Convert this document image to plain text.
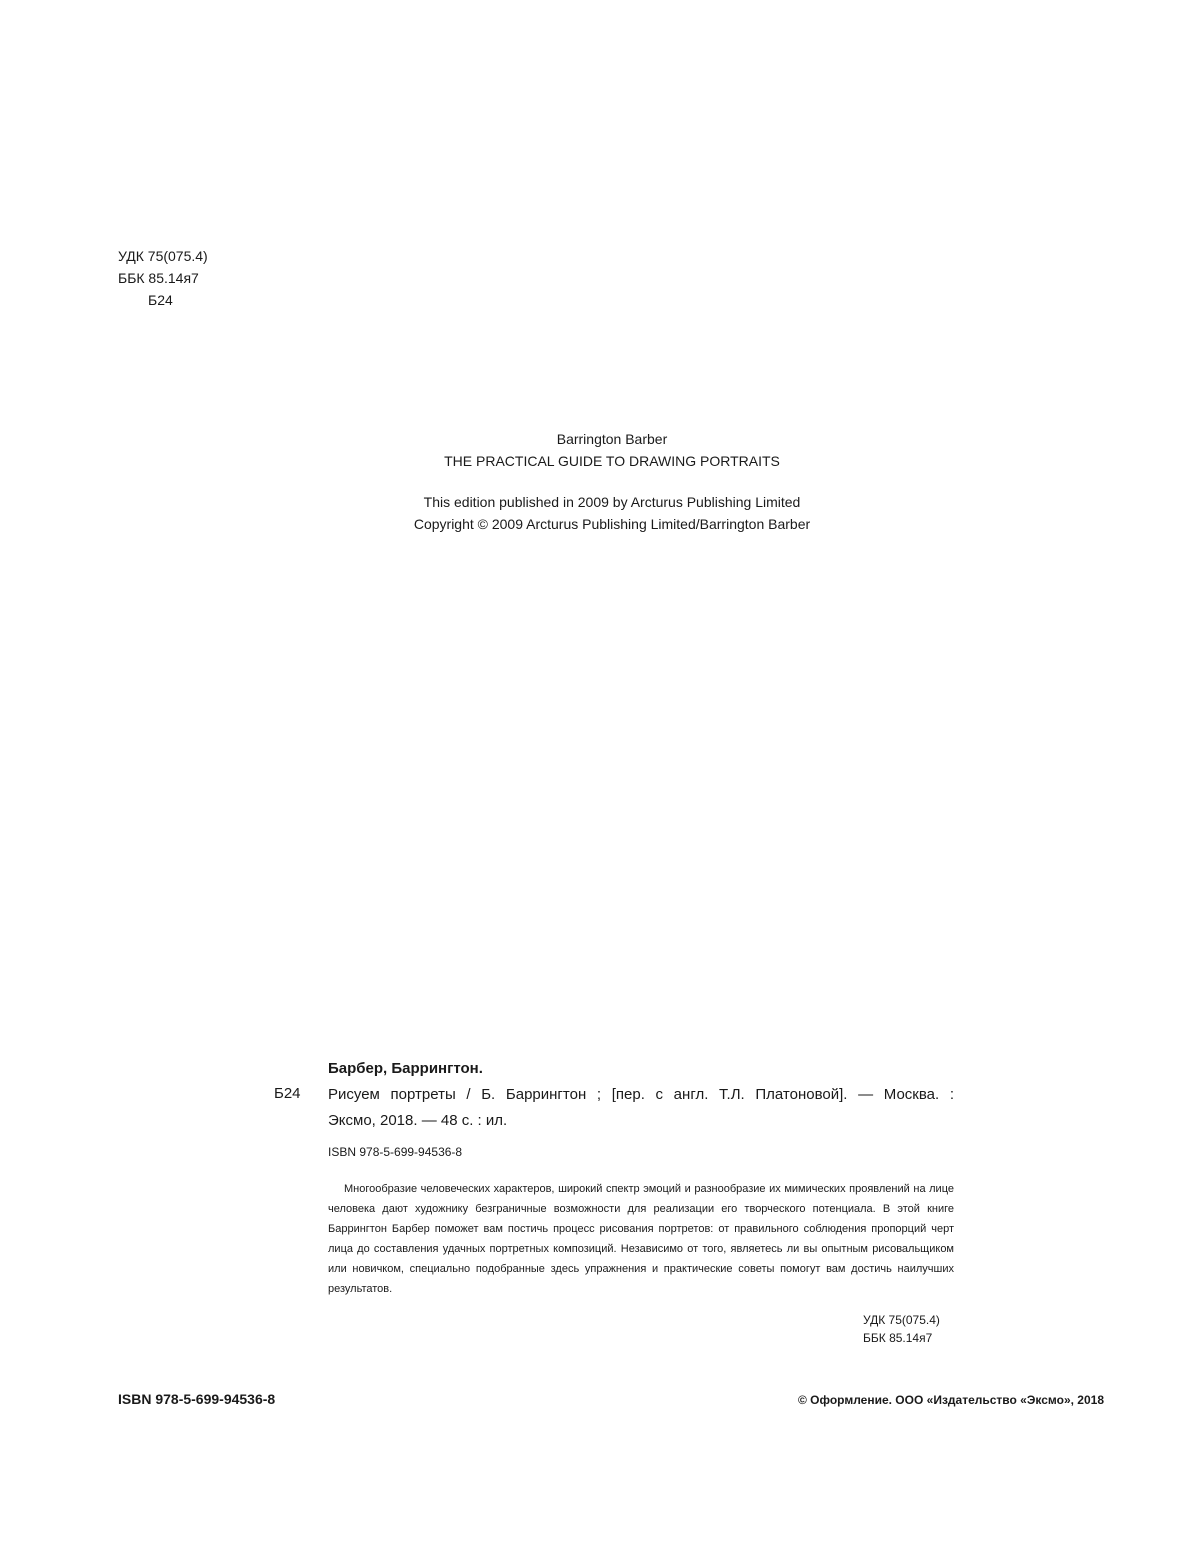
УДК 75(075.4)
ББК 85.14я7
Б24
Barrington Barber
THE PRACTICAL GUIDE TO DRAWING PORTRAITS
This edition published in 2009 by Arcturus Publishing Limited
Copyright © 2009 Arcturus Publishing Limited/Barrington Barber
Барбер, Баррингтон.
Б24 Рисуем портреты / Б. Баррингтон ; [пер. с англ. Т.Л. Платоновой]. — Москва. :
Эксмо, 2018. — 48 с. : ил.
ISBN 978-5-699-94536-8
Многообразие человеческих характеров, широкий спектр эмоций и разнообразие их мимических проявлений на лице человека дают художнику безграничные возможности для реализации его творческого потенциала. В этой книге Баррингтон Барбер поможет вам постичь процесс рисования портретов: от правильного соблюдения пропорций черт лица до составления удачных портретных композиций. Независимо от того, являетесь ли вы опытным рисовальщиком или новичком, специально подобранные здесь упражнения и практические советы помогут вам достичь наилучших результатов.
УДК 75(075.4)
ББК 85.14я7
ISBN 978-5-699-94536-8	© Оформление. ООО «Издательство «Эксмо», 2018
